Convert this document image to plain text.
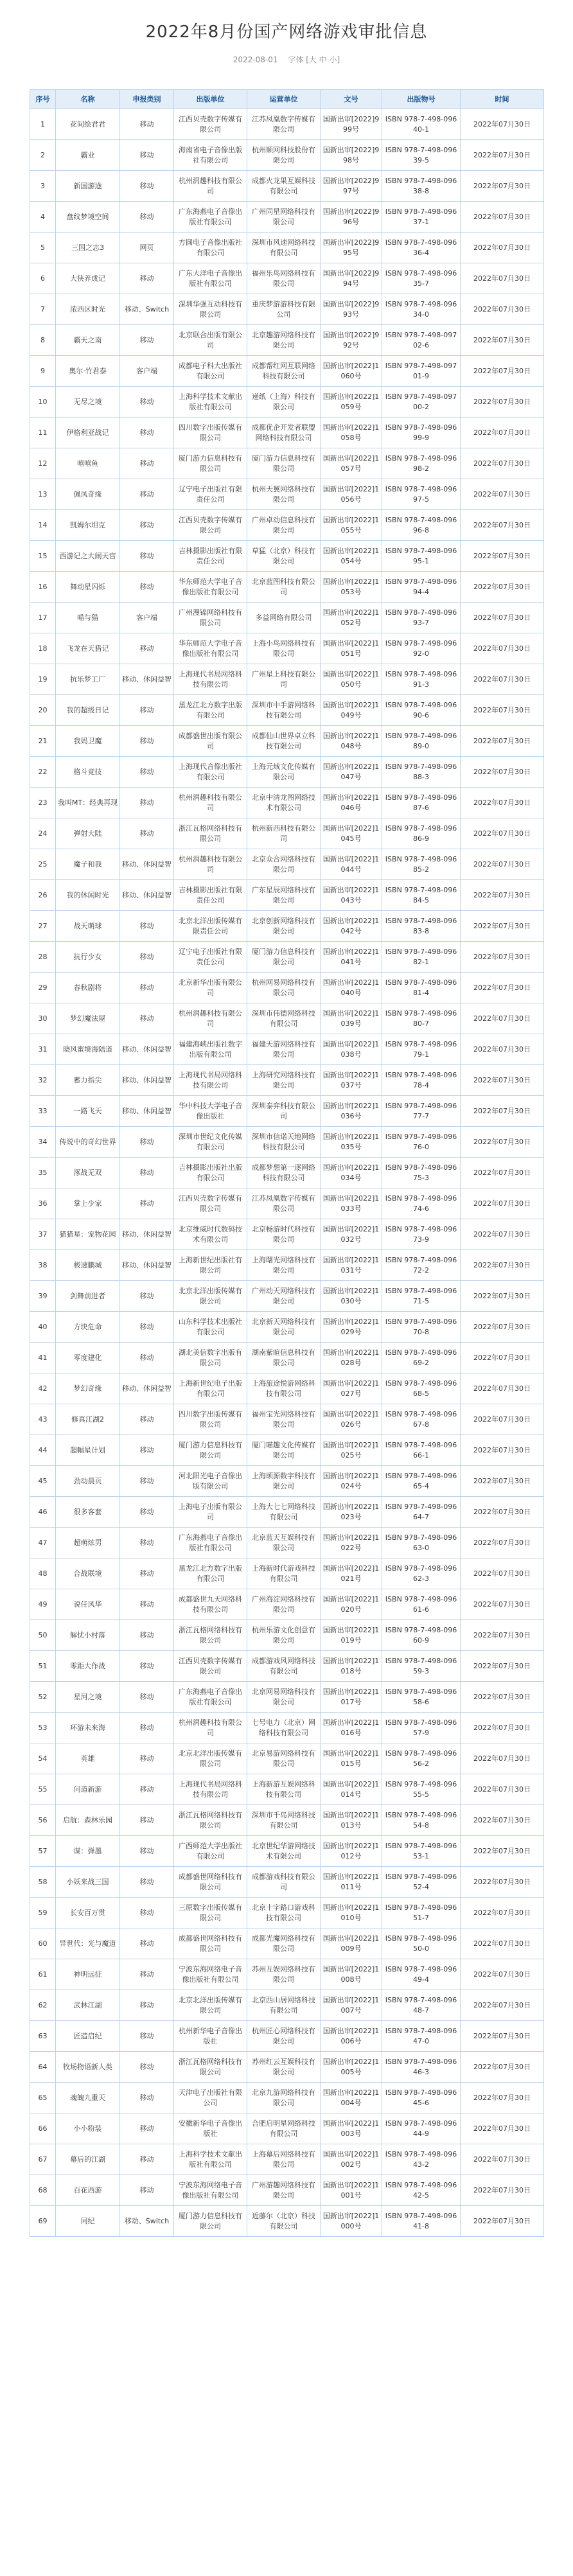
2022年8月份国产网络游戏审批信息
2022-08-01 字体 [大 中 小]
序号	名称	申报类别	出版单位	运营单位	文号	出版物号	时间
1	花间绘君君	移动	江西贝壳数字传媒有限公司	江苏凤凰数字传媒有限公司	国新出审[2022]999号	ISBN 978-7-498-09640-1	2022年07月30日
2	霸业	移动	海南省电子音像出版社有限公司	杭州顺网科技股份有限公司	国新出审[2022]998号	ISBN 978-7-498-09639-5	2022年07月30日
3	新国游途	移动	杭州润趣科技有限公司	成都火龙果互娱科技有限公司	国新出审[2022]997号	ISBN 978-7-498-09638-8	2022年07月30日
4	盘纹梦境空间	移动	广东海燕电子音像出版社有限公司	广州同星网络科技有限公司	国新出审[2022]996号	ISBN 978-7-498-09637-1	2022年07月30日
5	三国之志3	网页	方圆电子音像出版社有限公司	深圳市风速网络科技有限公司	国新出审[2022]995号	ISBN 978-7-498-09636-4	2022年07月30日
6	大侠养成记	移动	广东大洋电子音像出版社有限公司	福州乐鸟网络科技有限公司	国新出审[2022]994号	ISBN 978-7-498-09635-7	2022年07月30日
7	浓西区时光	移动、Switch	深圳华强互动科技有限公司	重庆梦游游科技有限公司	国新出审[2022]993号	ISBN 978-7-498-09634-0	2022年07月30日
8	霸天之南	移动	北京联合出版有限公司	北京趣游网络科技有限公司	国新出审[2022]992号	ISBN 978-7-498-09702-6	2022年07月30日
9	奥尔·竹君泰	客户端	成都电子科大出版社有限公司	成都帮红网互联网络科技有限公司	国新出审[2022]1060号	ISBN 978-7-498-09701-9	2022年07月30日
10	无尽之境	移动	上海科学技术文献出版社有限公司	递纸（上海）科技有限公司	国新出审[2022]1059号	ISBN 978-7-498-09700-2	2022年07月30日
11	伊格利亚战记	移动	四川数字出版传媒有限公司	成都优企开发者联盟网络科技有限公司	国新出审[2022]1058号	ISBN 978-7-498-09699-9	2022年07月30日
12	嘻嘻鱼	移动	厦门游力信息科技有限公司	厦门游力信息科技有限公司	国新出审[2022]1057号	ISBN 978-7-498-09698-2	2022年07月30日
13	佩凤奇缘	移动	辽宁电子出版社有限责任公司	杭州天翼网络科技有限公司	国新出审[2022]1056号	ISBN 978-7-498-09697-5	2022年07月30日
14	凯姆尔坦克	移动	江西贝壳数字传媒有限公司	广州卓动信息科技有限公司	国新出审[2022]1055号	ISBN 978-7-498-09696-8	2022年07月30日
15	西游记之大闹天宫	移动	吉林摄影出版社有限责任公司	草猛（北京）科技有限公司	国新出审[2022]1054号	ISBN 978-7-498-09695-1	2022年07月30日
16	舞动星闪烁	移动	华东师范大学电子音像出版社有限公司	北京蓝图科技有限公司	国新出审[2022]1053号	ISBN 978-7-498-09694-4	2022年07月30日
17	喵与猫	客户端	广州漫锦网络科技有限公司	多益网络有限公司	国新出审[2022]1052号	ISBN 978-7-498-09693-7	2022年07月30日
18	飞龙在天猎记	移动	华东师范大学电子音像出版社有限公司	上海小鸟网络科技有限公司	国新出审[2022]1051号	ISBN 978-7-498-09692-0	2022年07月30日
19	抗乐梦工厂	移动、休闲益智	上海现代书局网络科技有限公司	广州星上科技有限公司	国新出审[2022]1050号	ISBN 978-7-498-09691-3	2022年07月30日
20	我的超级日记	移动	黑龙江北方数字出版有限公司	深圳市中手游网络科技有限公司	国新出审[2022]1049号	ISBN 978-7-498-09690-6	2022年07月30日
21	我妈卫魔	移动	成都盛世出版有限公司	成都仙山世界卓立科技有限公司	国新出审[2022]1048号	ISBN 978-7-498-09689-0	2022年07月30日
22	格斗竞技	移动	上海现代音像出版社有限公司	上海元域文化传媒有限公司	国新出审[2022]1047号	ISBN 978-7-498-09688-3	2022年07月30日
23	我叫MT：经典再现	移动	杭州润趣科技有限公司	北京中清龙图网络技术有限公司	国新出审[2022]1046号	ISBN 978-7-498-09687-6	2022年07月30日
24	弹射大陆	移动	浙江瓦格网络科技有限公司	杭州新西科技有限公司	国新出审[2022]1045号	ISBN 978-7-498-09686-9	2022年07月30日
25	魔子和我	移动、休闲益智	杭州润趣科技有限公司	北京众合网络科技有限公司	国新出审[2022]1044号	ISBN 978-7-498-09685-2	2022年07月30日
26	我的休闲时光	移动、休闲益智	吉林摄影出版社有限责任公司	广东星辰网络科技有限公司	国新出审[2022]1043号	ISBN 978-7-498-09684-5	2022年07月30日
27	战天萌球	移动	北京北洋出版传媒有限责任公司	北京创新网络科技有限公司	国新出审[2022]1042号	ISBN 978-7-498-09683-8	2022年07月30日
28	抗行少女	移动	辽宁电子出版社有限责任公司	厦门游力信息科技有限公司	国新出审[2022]1041号	ISBN 978-7-498-09682-1	2022年07月30日
29	春秋剧将	移动	北京新华出版有限公司	杭州网易网络科技有限公司	国新出审[2022]1040号	ISBN 978-7-498-09681-4	2022年07月30日
30	梦幻魔法屋	移动	杭州润趣科技有限公司	深圳市伟德网络科技有限公司	国新出审[2022]1039号	ISBN 978-7-498-09680-7	2022年07月30日
31	晓风蜜境海陆道	移动、休闲益智	福建海峡出版社数字出版有限公司	福建天游网络科技有限公司	国新出审[2022]1038号	ISBN 978-7-498-09679-1	2022年07月30日
32	蓄力指尖	移动、休闲益智	上海现代书局网络科技有限公司	上海研究网络科技有限公司	国新出审[2022]1037号	ISBN 978-7-498-09678-4	2022年07月30日
33	一路飞天	移动、休闲益智	华中科技大学电子音像出版社	深圳泰弈科技有限公司	国新出审[2022]1036号	ISBN 978-7-498-09677-7	2022年07月30日
34	传说中的奇幻世界	移动	深圳市世纪文化传媒有限公司	深圳市信诺天地网络科技有限公司	国新出审[2022]1035号	ISBN 978-7-498-09676-0	2022年07月30日
35	涿战无双	移动	吉林摄影出版社出版有限公司	成都梦想第一逐网络科技有限公司	国新出审[2022]1034号	ISBN 978-7-498-09675-3	2022年07月30日
36	掌上少家	移动	江西贝壳数字传媒有限公司	江苏凤凰数字传媒有限公司	国新出审[2022]1033号	ISBN 978-7-498-09674-6	2022年07月30日
37	猫猫星：宠物花园	移动、休闲益智	北京维威时代数码技术有限公司	北京畅游时代科技有限公司	国新出审[2022]1032号	ISBN 978-7-498-09673-9	2022年07月30日
38	极速鹏城	移动、休闲益智	上海新世纪出版社有限公司	上海曙光网络科技有限公司	国新出审[2022]1031号	ISBN 978-7-498-09672-2	2022年07月30日
39	剑舞前进者	移动	北京北洋出版传媒有限公司	广州动天网络科技有限公司	国新出审[2022]1030号	ISBN 978-7-498-09671-5	2022年07月30日
40	方块危命	移动	山东科学技术出版社有限公司	北京新天网络科技有限公司	国新出审[2022]1029号	ISBN 978-7-498-09670-8	2022年07月30日
41	零度建化	移动	湖北美信数字出版有限公司	湖南紫暄信息科技有限公司	国新出审[2022]1028号	ISBN 978-7-498-09669-2	2022年07月30日
42	梦幻奇缘	移动、休闲益智	上海新世纪电子出版有限公司	上海旅途悦游网络科技有限公司	国新出审[2022]1027号	ISBN 978-7-498-09668-5	2022年07月30日
43	修真江湖2	移动	四川数字出版传媒有限公司	福州宝光网络科技有限公司	国新出审[2022]1026号	ISBN 978-7-498-09667-8	2022年07月30日
44	超幅星计划	移动	厦门游力信息科技有限公司	厦门喵趣文化传媒有限公司	国新出审[2022]1025号	ISBN 978-7-498-09666-1	2022年07月30日
45	劲动晨页	移动	河北阳光电子音像出版有限公司	上海颂源数字科技有限公司	国新出审[2022]1024号	ISBN 978-7-498-09665-4	2022年07月30日
46	很多客套	移动	上海电子出版有限公司	上海大七七网络科技有限公司	国新出审[2022]1023号	ISBN 978-7-498-09664-7	2022年07月30日
47	超萌炫男	移动	广东海燕电子音像出版社有限公司	北京蓝天互娱科技有限公司	国新出审[2022]1022号	ISBN 978-7-498-09663-0	2022年07月30日
48	合战联境	移动	黑龙江北方数字出版有限公司	上海新时代游戏科技有限公司	国新出审[2022]1021号	ISBN 978-7-498-09662-3	2022年07月30日
49	说任风华	移动	成都盛世九天网络科技有限公司	广州海淀网络科技有限公司	国新出审[2022]1020号	ISBN 978-7-498-09661-6	2022年07月30日
50	解忧小村落	移动	浙江瓦格网络科技有限公司	杭州乐游文化创意有限公司	国新出审[2022]1019号	ISBN 978-7-498-09660-9	2022年07月30日
51	零距大作战	移动	江西贝壳数字传媒有限公司	成都游戏风网络科技有限公司	国新出审[2022]1018号	ISBN 978-7-498-09659-3	2022年07月30日
52	星河之境	移动	广东海燕电子音像出版社有限公司	北京网易网络科技有限公司	国新出审[2022]1017号	ISBN 978-7-498-09658-6	2022年07月30日
53	环游未来海	移动	杭州润趣科技有限公司	七号电力（北京）网络科技有限公司	国新出审[2022]1016号	ISBN 978-7-498-09657-9	2022年07月30日
54	英雄	移动	北京北洋出版传媒有限公司	北京易游网络科技有限公司	国新出审[2022]1015号	ISBN 978-7-498-09656-2	2022年07月30日
55	问道新游	移动	上海现代书局网络科技有限公司	上海新游互娱网络科技有限公司	国新出审[2022]1014号	ISBN 978-7-498-09655-5	2022年07月30日
56	启航：森林乐园	移动	浙江瓦格网络科技有限公司	深圳市千岛网络科技有限公司	国新出审[2022]1013号	ISBN 978-7-498-09654-8	2022年07月30日
57	谋：弹墨	移动	广西师范大学出版社有限公司	北京世纪华游网络技术有限公司	国新出审[2022]1012号	ISBN 978-7-498-09653-1	2022年07月30日
58	小妖来战三国	移动	成都盛世网络科技有限公司	成都游戏科技有限公司	国新出审[2022]1011号	ISBN 978-7-498-09652-4	2022年07月30日
59	长安百万贯	移动	三原数字出版传媒有限公司	北京十字路口游戏科技有限公司	国新出审[2022]1010号	ISBN 978-7-498-09651-7	2022年07月30日
60	异世代：光与魔道	移动	成都盛世网络科技有限公司	成都光魔网络科技有限公司	国新出审[2022]1009号	ISBN 978-7-498-09650-0	2022年07月30日
61	神明远征	移动	宁波东海网络电子音像出版社有限公司	苏州互娱网络科技有限公司	国新出审[2022]1008号	ISBN 978-7-498-09649-4	2022年07月30日
62	武林江湖	移动	北京北洋出版传媒有限公司	北京西山居网络科技有限公司	国新出审[2022]1007号	ISBN 978-7-498-09648-7	2022年07月30日
63	匠造启纪	移动	杭州新华电子音像出版社	杭州匠心网络科技有限公司	国新出审[2022]1006号	ISBN 978-7-498-09647-0	2022年07月30日
64	牧场物语新人类	移动	浙江瓦格网络科技有限公司	苏州红云互娱科技有限公司	国新出审[2022]1005号	ISBN 978-7-498-09646-3	2022年07月30日
65	魂魄九重天	移动	天津电子出版社有限公司	北京九游网络科技有限公司	国新出审[2022]1004号	ISBN 978-7-498-09645-6	2022年07月30日
66	小小粉装	移动	安徽新华电子音像出版社	合肥启明星网络科技有限公司	国新出审[2022]1003号	ISBN 978-7-498-09644-9	2022年07月30日
67	幕后的江湖	移动	上海科学技术文献出版社有限公司	上海幕后网络科技有限公司	国新出审[2022]1002号	ISBN 978-7-498-09643-2	2022年07月30日
68	百花西游	移动	宁波东海网络电子音像出版社有限公司	广州游趣网络科技有限公司	国新出审[2022]1001号	ISBN 978-7-498-09642-5	2022年07月30日
69	同纪	移动、Switch	厦门游力信息科技有限公司	近藤尔（北京）科技有限公司	国新出审[2022]1000号	ISBN 978-7-498-09641-8	2022年07月30日
